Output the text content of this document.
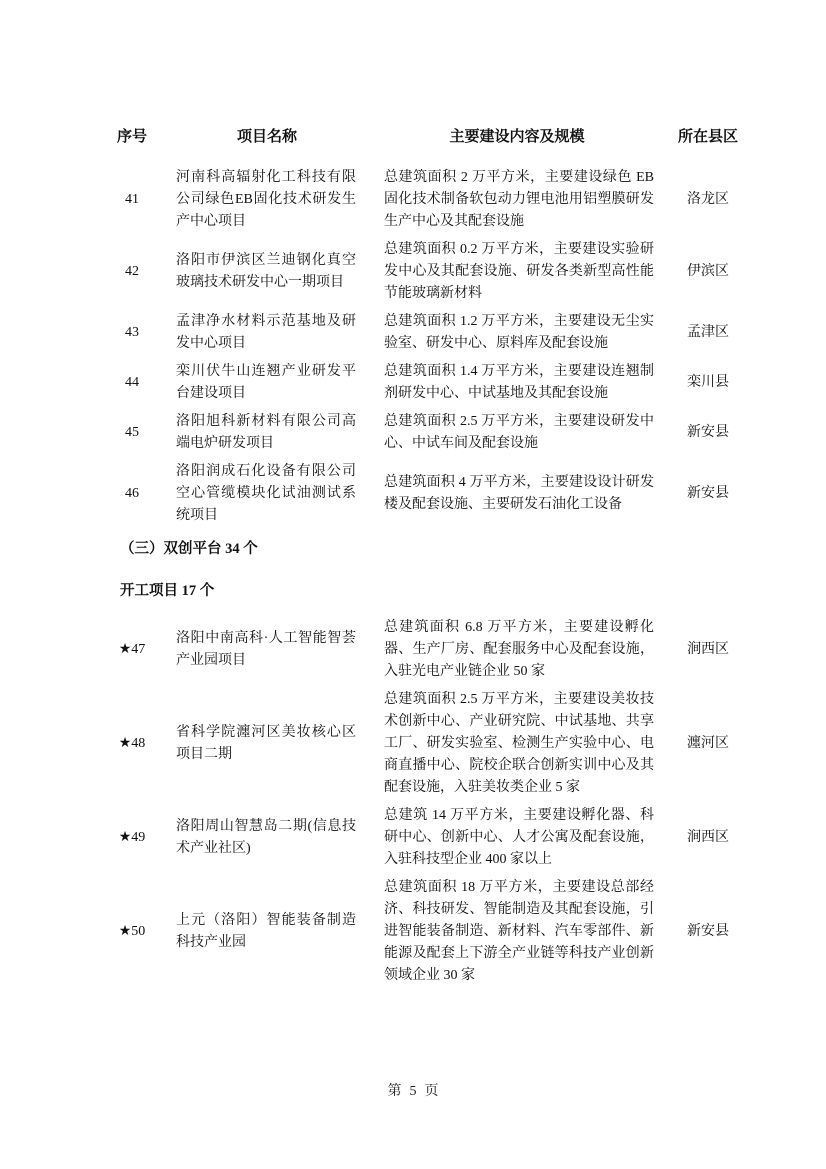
序号	项目名称	主要建设内容及规模	所在县区
41	河南科高辐射化工科技有限公司绿色EB固化技术研发生产中心项目	总建筑面积 2 万平方米，主要建设绿色 EB 固化技术制备软包动力锂电池用铝塑膜研发生产中心及其配套设施	洛龙区
42	洛阳市伊滨区兰迪钢化真空玻璃技术研发中心一期项目	总建筑面积 0.2 万平方米，主要建设实验研发中心及其配套设施、研发各类新型高性能节能玻璃新材料	伊滨区
43	孟津净水材料示范基地及研发中心项目	总建筑面积 1.2 万平方米，主要建设无尘实验室、研发中心、原料库及配套设施	孟津区
44	栾川伏牛山连翘产业研发平台建设项目	总建筑面积 1.4 万平方米，主要建设连翘制剂研发中心、中试基地及其配套设施	栾川县
45	洛阳旭科新材料有限公司高端电炉研发项目	总建筑面积 2.5 万平方米，主要建设研发中心、中试车间及配套设施	新安县
46	洛阳润成石化设备有限公司空心管缆模块化试油测试系统项目	总建筑面积 4 万平方米，主要建设设计研发楼及配套设施、主要研发石油化工设备	新安县
（三）双创平台 34 个			
开工项目 17 个			
★47	洛阳中南高科·人工智能智荟产业园项目	总建筑面积 6.8 万平方米，主要建设孵化器、生产厂房、配套服务中心及配套设施，入驻光电产业链企业 50 家	涧西区
★48	省科学院瀍河区美妆核心区项目二期	总建筑面积 2.5 万平方米，主要建设美妆技术创新中心、产业研究院、中试基地、共享工厂、研发实验室、检测生产实验中心、电商直播中心、院校企联合创新实训中心及其配套设施，入驻美妆类企业 5 家	瀍河区
★49	洛阳周山智慧岛二期(信息技术产业社区)	总建筑 14 万平方米，主要建设孵化器、科研中心、创新中心、人才公寓及配套设施，入驻科技型企业 400 家以上	涧西区
★50	上元（洛阳）智能装备制造科技产业园	总建筑面积 18 万平方米，主要建设总部经济、科技研发、智能制造及其配套设施，引进智能装备制造、新材料、汽车零部件、新能源及配套上下游全产业链等科技产业创新领域企业 30 家	新安县
第 5 页
